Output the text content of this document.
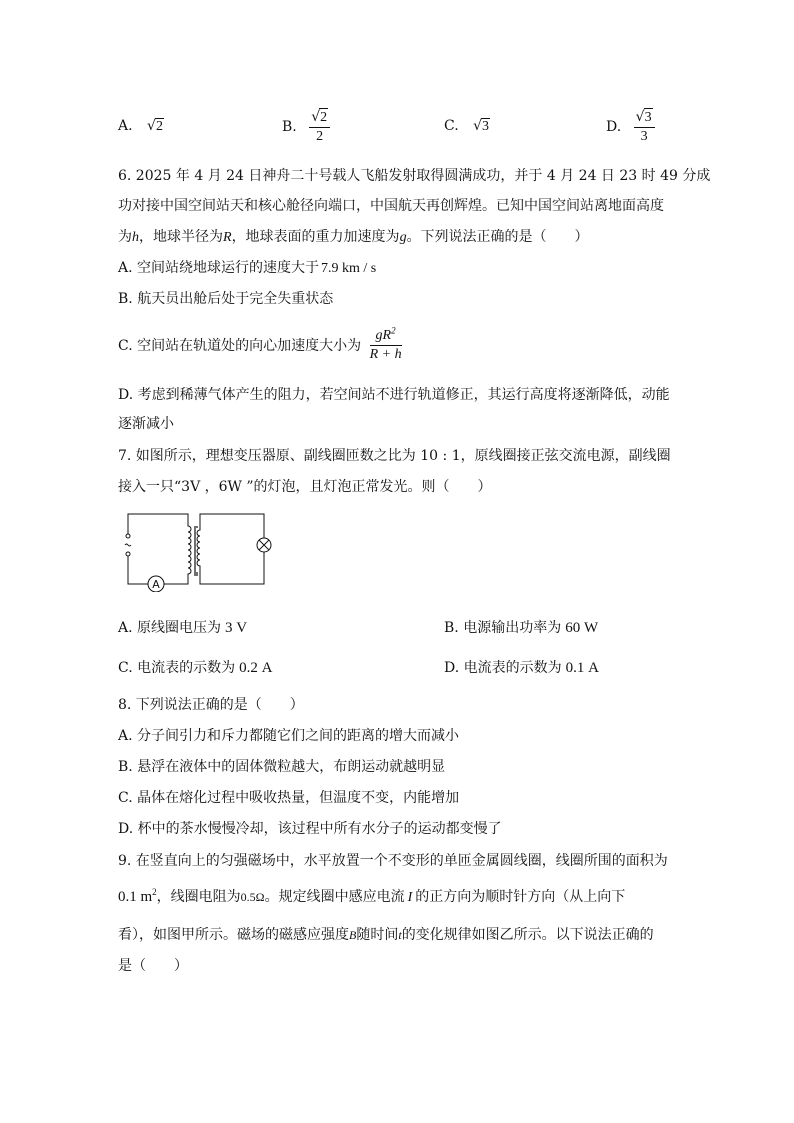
A. √2	B. $\frac{√2}{2}$	C. √3	D. $\frac{√3}{3}$
6. 2025 年 4 月 24 日神舟二十号载人飞船发射取得圆满成功，并于 4 月 24 日 23 时 49 分成
功对接中国空间站天和核心舱径向端口，中国航天再创辉煌。已知中国空间站离地面高度
为h，地球半径为R，地球表面的重力加速度为g。下列说法正确的是（　　）
A. 空间站绕地球运行的速度大于 7.9 km / s
B. 航天员出舱后处于完全失重状态
C. 空间站在轨道处的向心加速度大小为 $\frac{gR^2}{R + h}$
D. 考虑到稀薄气体产生的阻力，若空间站不进行轨道修正，其运行高度将逐渐降低，动能
逐渐减小
7. 如图所示，理想变压器原、副线圈匝数之比为 10 : 1，原线圈接正弦交流电源，副线圈
接入一只“3V ，6W ”的灯泡，且灯泡正常发光。则（　　）
A
A. 原线圈电压为 3 V	B. 电源输出功率为 60 W
C. 电流表的示数为 0.2 A	D. 电流表的示数为 0.1 A
8. 下列说法正确的是（　　）
A. 分子间引力和斥力都随它们之间的距离的增大而减小
B. 悬浮在液体中的固体微粒越大，布朗运动就越明显
C. 晶体在熔化过程中吸收热量，但温度不变，内能增加
D. 杯中的茶水慢慢冷却，该过程中所有水分子的运动都变慢了
9. 在竖直向上的匀强磁场中，水平放置一个不变形的单匝金属圆线圈，线圈所围的面积为
0.1 $m^2$，线圈电阻为0.5Ω。规定线圈中感应电流 I 的正方向为顺时针方向（从上向下
看），如图甲所示。磁场的磁感应强度B随时间t的变化规律如图乙所示。以下说法正确的
是（　　）
